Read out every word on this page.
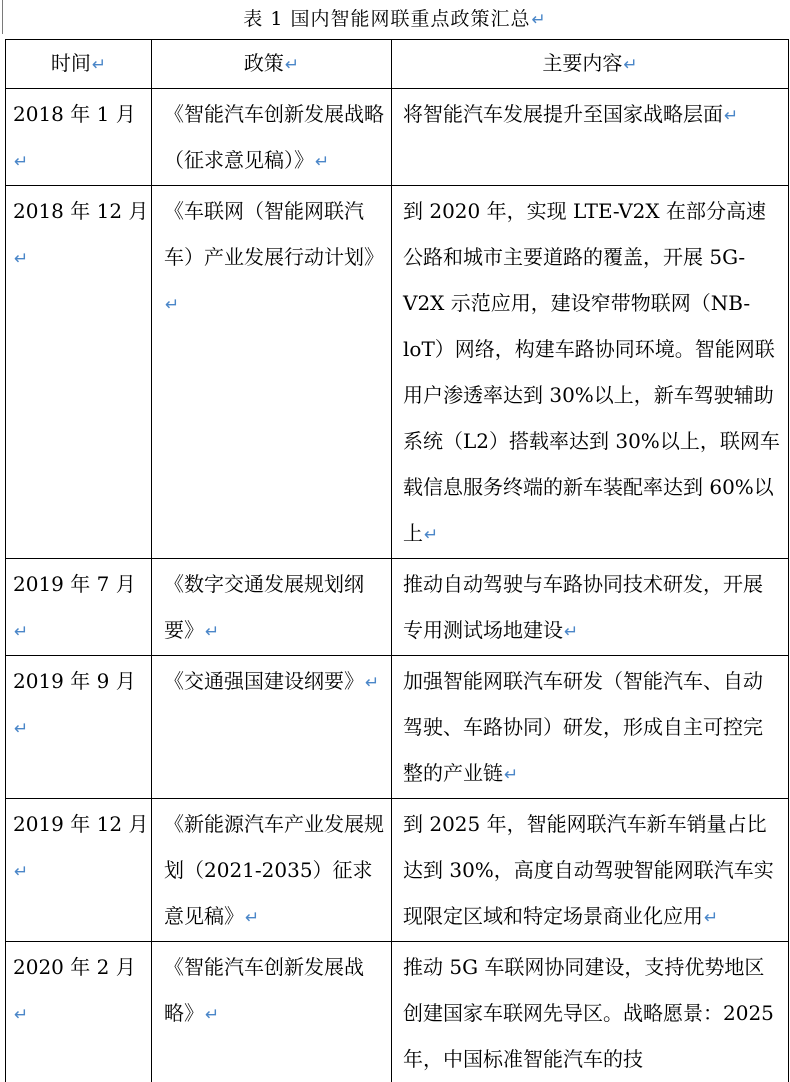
表 1 国内智能网联重点政策汇总↵
时间↵	政策↵	主要内容↵
2018 年 1 月↵	《智能汽车创新发展战略（征求意见稿）》↵	将智能汽车发展提升至国家战略层面↵
2018 年 12 月↵	《车联网（智能网联汽车）产业发展行动计划》↵	到 2020 年，实现 LTE-V2X 在部分高速公路和城市主要道路的覆盖，开展 5G-V2X 示范应用，建设窄带物联网（NB-loT）网络，构建车路协同环境。智能网联用户渗透率达到 30%以上，新车驾驶辅助系统（L2）搭载率达到 30%以上，联网车载信息服务终端的新车装配率达到 60%以上↵
2019 年 7 月↵	《数字交通发展规划纲要》↵	推动自动驾驶与车路协同技术研发，开展专用测试场地建设↵
2019 年 9 月↵	《交通强国建设纲要》↵	加强智能网联汽车研发（智能汽车、自动驾驶、车路协同）研发，形成自主可控完整的产业链↵
2019 年 12 月↵	《新能源汽车产业发展规划（2021-2035）征求意见稿》↵	到 2025 年，智能网联汽车新车销量占比达到 30%，高度自动驾驶智能网联汽车实现限定区域和特定场景商业化应用↵
2020 年 2 月↵	《智能汽车创新发展战略》↵	推动 5G 车联网协同建设，支持优势地区创建国家车联网先导区。战略愿景：2025 年，中国标准智能汽车的技
